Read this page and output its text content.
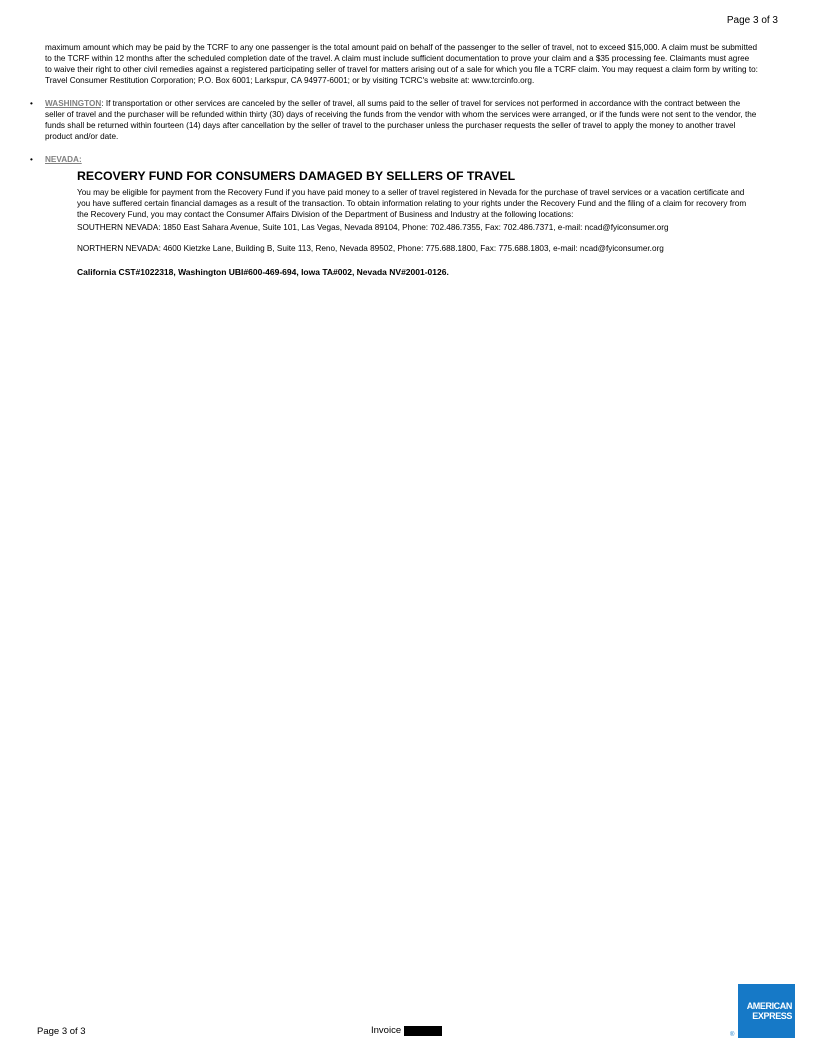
Page 3 of 3
maximum amount which may be paid by the TCRF to any one passenger is the total amount paid on behalf of the passenger to the seller of travel, not to exceed $15,000. A claim must be submitted to the TCRF within 12 months after the scheduled completion date of the travel. A claim must include sufficient documentation to prove your claim and a $35 processing fee. Claimants must agree to waive their right to other civil remedies against a registered participating seller of travel for matters arising out of a sale for which you file a TCRF claim. You may request a claim form by writing to: Travel Consumer Restitution Corporation; P.O. Box 6001; Larkspur, CA 94977-6001; or by visiting TCRC's website at: www.tcrcinfo.org.
• WASHINGTON: If transportation or other services are canceled by the seller of travel, all sums paid to the seller of travel for services not performed in accordance with the contract between the seller of travel and the purchaser will be refunded within thirty (30) days of receiving the funds from the vendor with whom the services were arranged, or if the funds were not sent to the vendor, the funds shall be returned within fourteen (14) days after cancellation by the seller of travel to the purchaser unless the purchaser requests the seller of travel to apply the money to another travel product and/or date.
• NEVADA:
RECOVERY FUND FOR CONSUMERS DAMAGED BY SELLERS OF TRAVEL
You may be eligible for payment from the Recovery Fund if you have paid money to a seller of travel registered in Nevada for the purchase of travel services or a vacation certificate and you have suffered certain financial damages as a result of the transaction. To obtain information relating to your rights under the Recovery Fund and the filing of a claim for recovery from the Recovery Fund, you may contact the Consumer Affairs Division of the Department of Business and Industry at the following locations:
SOUTHERN NEVADA: 1850 East Sahara Avenue, Suite 101, Las Vegas, Nevada 89104, Phone: 702.486.7355, Fax: 702.486.7371, e-mail: ncad@fyiconsumer.org
NORTHERN NEVADA: 4600 Kietzke Lane, Building B, Suite 113, Reno, Nevada 89502, Phone: 775.688.1800, Fax: 775.688.1803, e-mail: ncad@fyiconsumer.org
California CST#1022318, Washington UBI#600-469-694, Iowa TA#002, Nevada NV#2001-0126.
Page 3 of 3	Invoice
AMERICAN
EXPRESS
®
